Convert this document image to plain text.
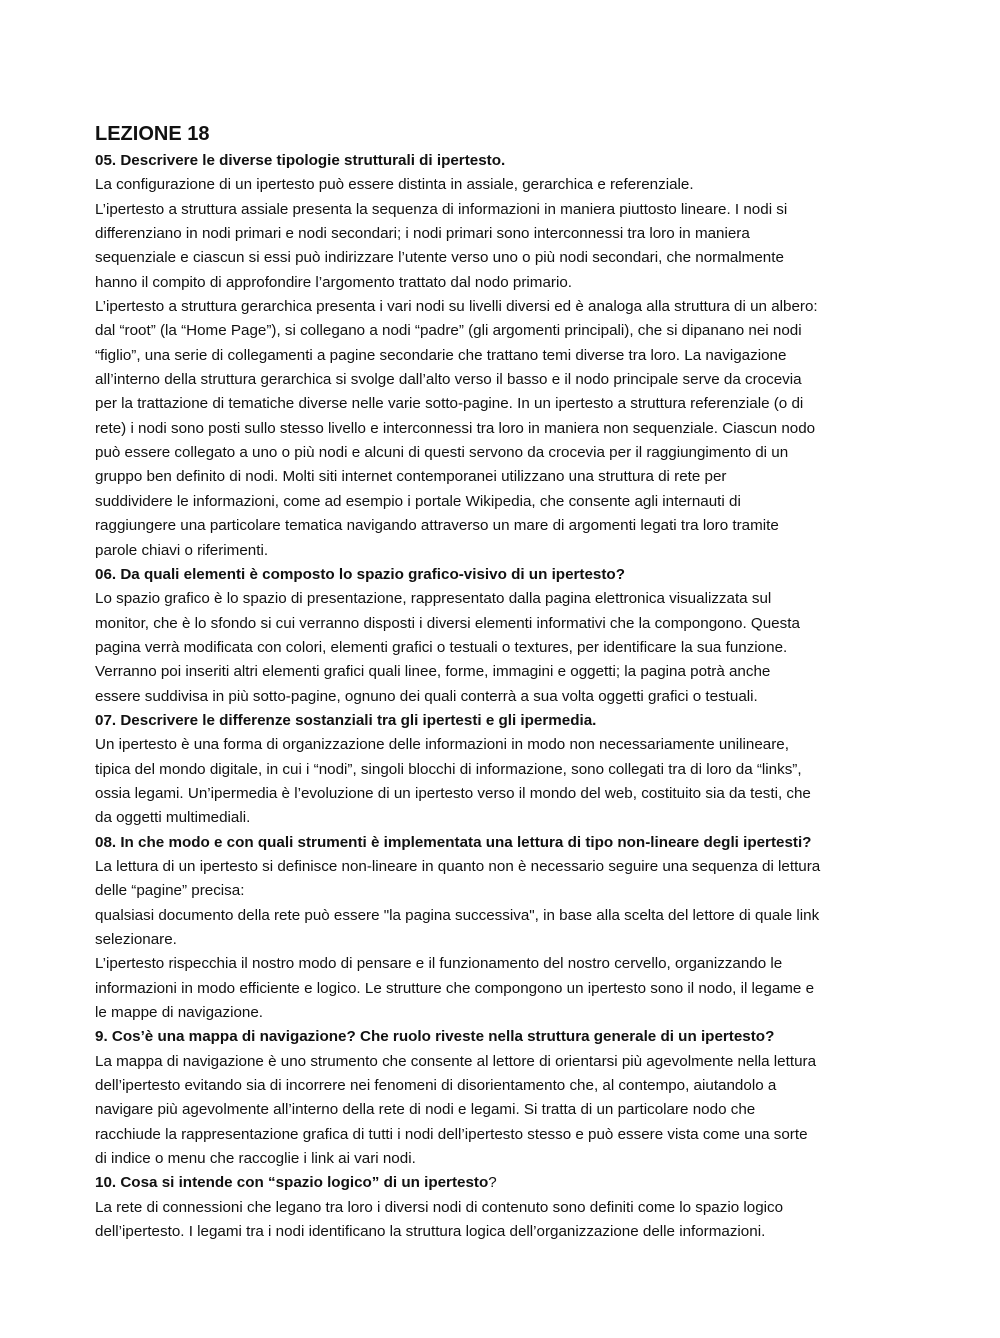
LEZIONE 18
05. Descrivere le diverse tipologie strutturali di ipertesto.
La configurazione di un ipertesto può essere distinta in assiale, gerarchica e referenziale.
L’ipertesto a struttura assiale presenta la sequenza di informazioni in maniera piuttosto lineare. I nodi si
differenziano in nodi primari e nodi secondari; i nodi primari sono interconnessi tra loro in maniera
sequenziale e ciascun si essi può indirizzare l’utente verso uno o più nodi secondari, che normalmente
hanno il compito di approfondire l’argomento trattato dal nodo primario.
L’ipertesto a struttura gerarchica presenta i vari nodi su livelli diversi ed è analoga alla struttura di un albero:
dal “root” (la “Home Page”), si collegano a nodi “padre” (gli argomenti principali), che si dipanano nei nodi
“figlio”, una serie di collegamenti a pagine secondarie che trattano temi diverse tra loro. La navigazione
all’interno della struttura gerarchica si svolge dall’alto verso il basso e il nodo principale serve da crocevia
per la trattazione di tematiche diverse nelle varie sotto-pagine. In un ipertesto a struttura referenziale (o di
rete) i nodi sono posti sullo stesso livello e interconnessi tra loro in maniera non sequenziale. Ciascun nodo
può essere collegato a uno o più nodi e alcuni di questi servono da crocevia per il raggiungimento di un
gruppo ben definito di nodi. Molti siti internet contemporanei utilizzano una struttura di rete per
suddividere le informazioni, come ad esempio i portale Wikipedia, che consente agli internauti di
raggiungere una particolare tematica navigando attraverso un mare di argomenti legati tra loro tramite
parole chiavi o riferimenti.
06. Da quali elementi è composto lo spazio grafico-visivo di un ipertesto?
Lo spazio grafico è lo spazio di presentazione, rappresentato dalla pagina elettronica visualizzata sul
monitor, che è lo sfondo si cui verranno disposti i diversi elementi informativi che la compongono. Questa
pagina verrà modificata con colori, elementi grafici o testuali o textures, per identificare la sua funzione.
Verranno poi inseriti altri elementi grafici quali linee, forme, immagini e oggetti; la pagina potrà anche
essere suddivisa in più sotto-pagine, ognuno dei quali conterrà a sua volta oggetti grafici o testuali.
07. Descrivere le differenze sostanziali tra gli ipertesti e gli ipermedia.
Un ipertesto è una forma di organizzazione delle informazioni in modo non necessariamente unilineare,
tipica del mondo digitale, in cui i “nodi”, singoli blocchi di informazione, sono collegati tra di loro da “links”,
ossia legami. Un’ipermedia è l’evoluzione di un ipertesto verso il mondo del web, costituito sia da testi, che
da oggetti multimediali.
08. In che modo e con quali strumenti è implementata una lettura di tipo non-lineare degli ipertesti?
La lettura di un ipertesto si definisce non-lineare in quanto non è necessario seguire una sequenza di lettura
delle “pagine” precisa:
qualsiasi documento della rete può essere "la pagina successiva", in base alla scelta del lettore di quale link
selezionare.
L’ipertesto rispecchia il nostro modo di pensare e il funzionamento del nostro cervello, organizzando le
informazioni in modo efficiente e logico. Le strutture che compongono un ipertesto sono il nodo, il legame e
le mappe di navigazione.
9. Cos’è una mappa di navigazione? Che ruolo riveste nella struttura generale di un ipertesto?
La mappa di navigazione è uno strumento che consente al lettore di orientarsi più agevolmente nella lettura
dell’ipertesto evitando sia di incorrere nei fenomeni di disorientamento che, al contempo, aiutandolo a
navigare più agevolmente all’interno della rete di nodi e legami. Si tratta di un particolare nodo che
racchiude la rappresentazione grafica di tutti i nodi dell’ipertesto stesso e può essere vista come una sorte
di indice o menu che raccoglie i link ai vari nodi.
10. Cosa si intende con “spazio logico” di un ipertesto?
La rete di connessioni che legano tra loro i diversi nodi di contenuto sono definiti come lo spazio logico
dell’ipertesto. I legami tra i nodi identificano la struttura logica dell’organizzazione delle informazioni.
